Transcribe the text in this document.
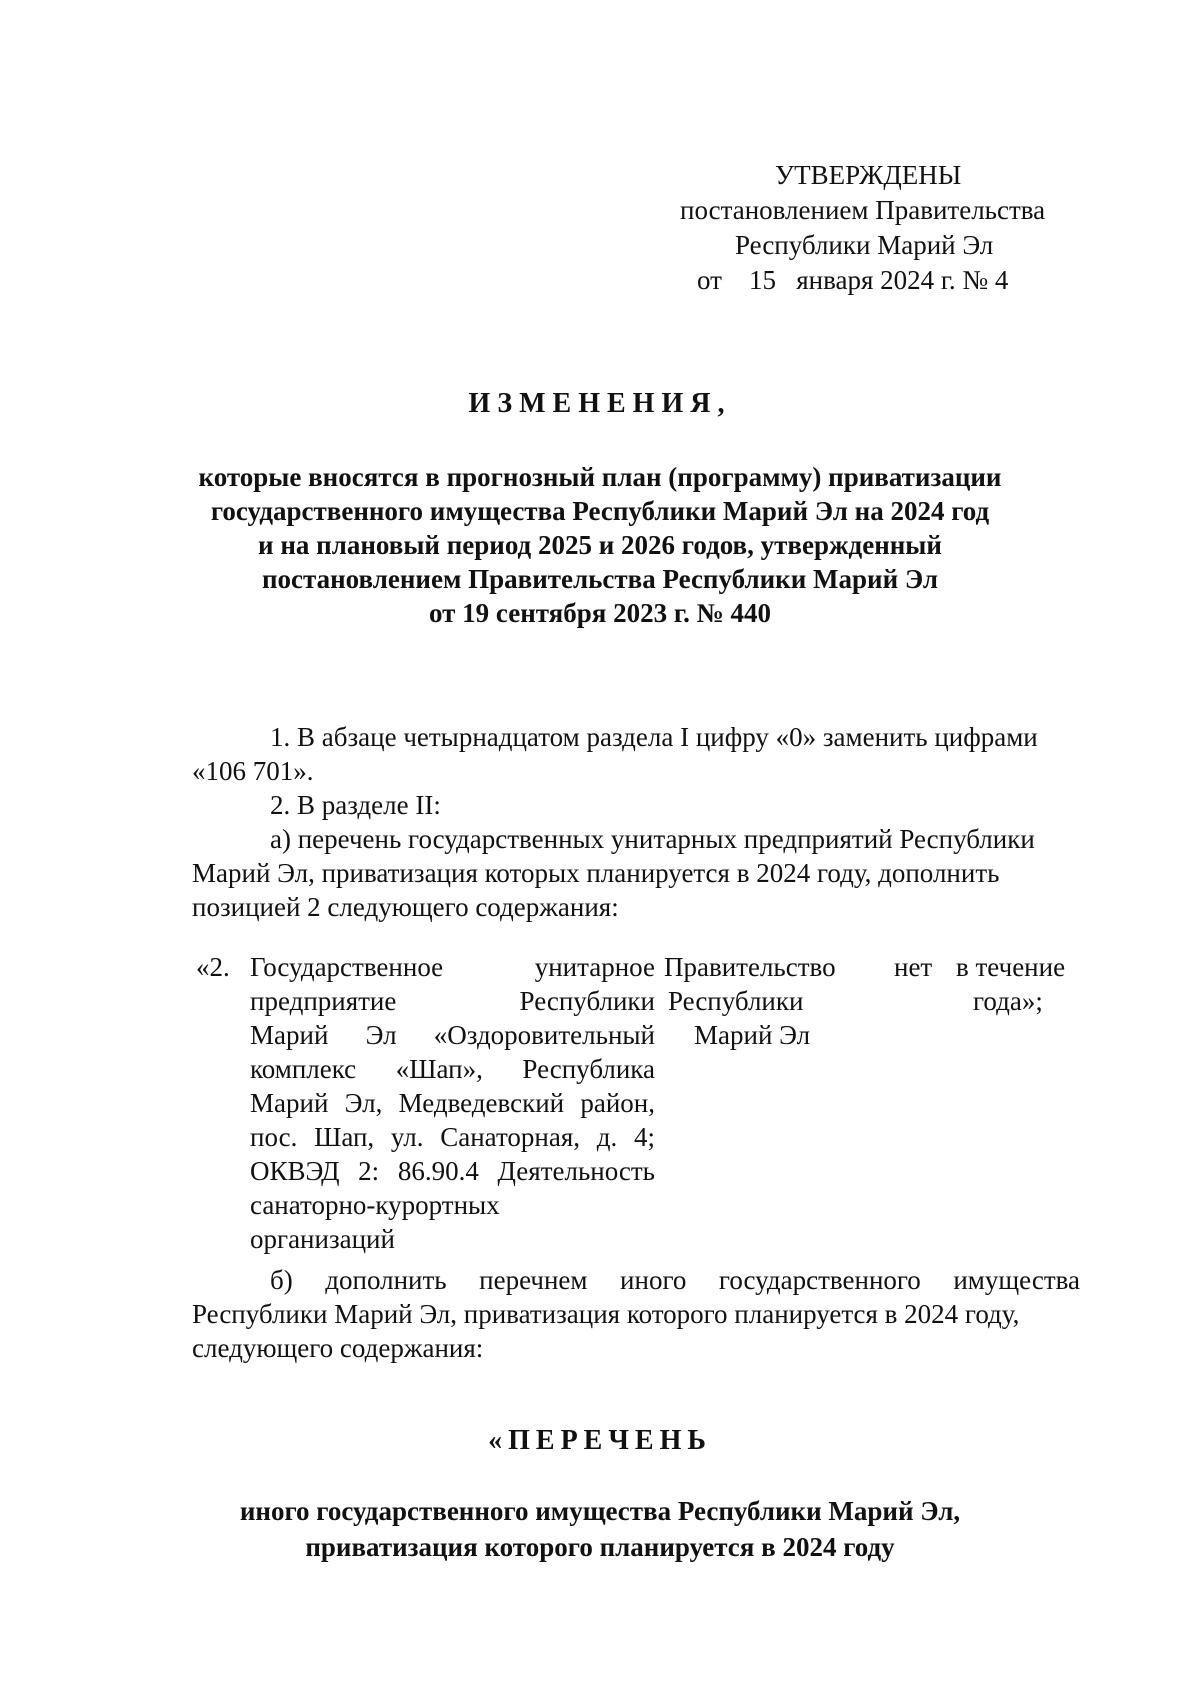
УТВЕРЖДЕНЫ
постановлением Правительства
Республики Марий Эл
от 15 января 2024 г. № 4
ИЗМЕНЕНИЯ,
которые вносятся в прогнозный план (программу) приватизации
государственного имущества Республики Марий Эл на 2024 год
и на плановый период 2025 и 2026 годов, утвержденный
постановлением Правительства Республики Марий Эл
от 19 сентября 2023 г. № 440
1. В абзаце четырнадцатом раздела I цифру «0» заменить цифрами
«106 701».
2. В разделе II:
а) перечень государственных унитарных предприятий Республики
Марий Эл, приватизация которых планируется в 2024 году, дополнить
позицией 2 следующего содержания:
«2. Государственное унитарное
предприятие Республики
Марий Эл «Оздоровительный
комплекс «Шап», Республика
Марий Эл, Медведевский район,
пос. Шап, ул. Санаторная, д. 4;
ОКВЭД 2: 86.90.4 Деятельность
санаторно-курортных
организаций
Правительство
Республики
Марий Эл
нет в течение
года»;
б) дополнить перечнем иного государственного имущества
Республики Марий Эл, приватизация которого планируется в 2024 году,
следующего содержания:
«ПЕРЕЧЕНЬ
иного государственного имущества Республики Марий Эл,
приватизация которого планируется в 2024 году
